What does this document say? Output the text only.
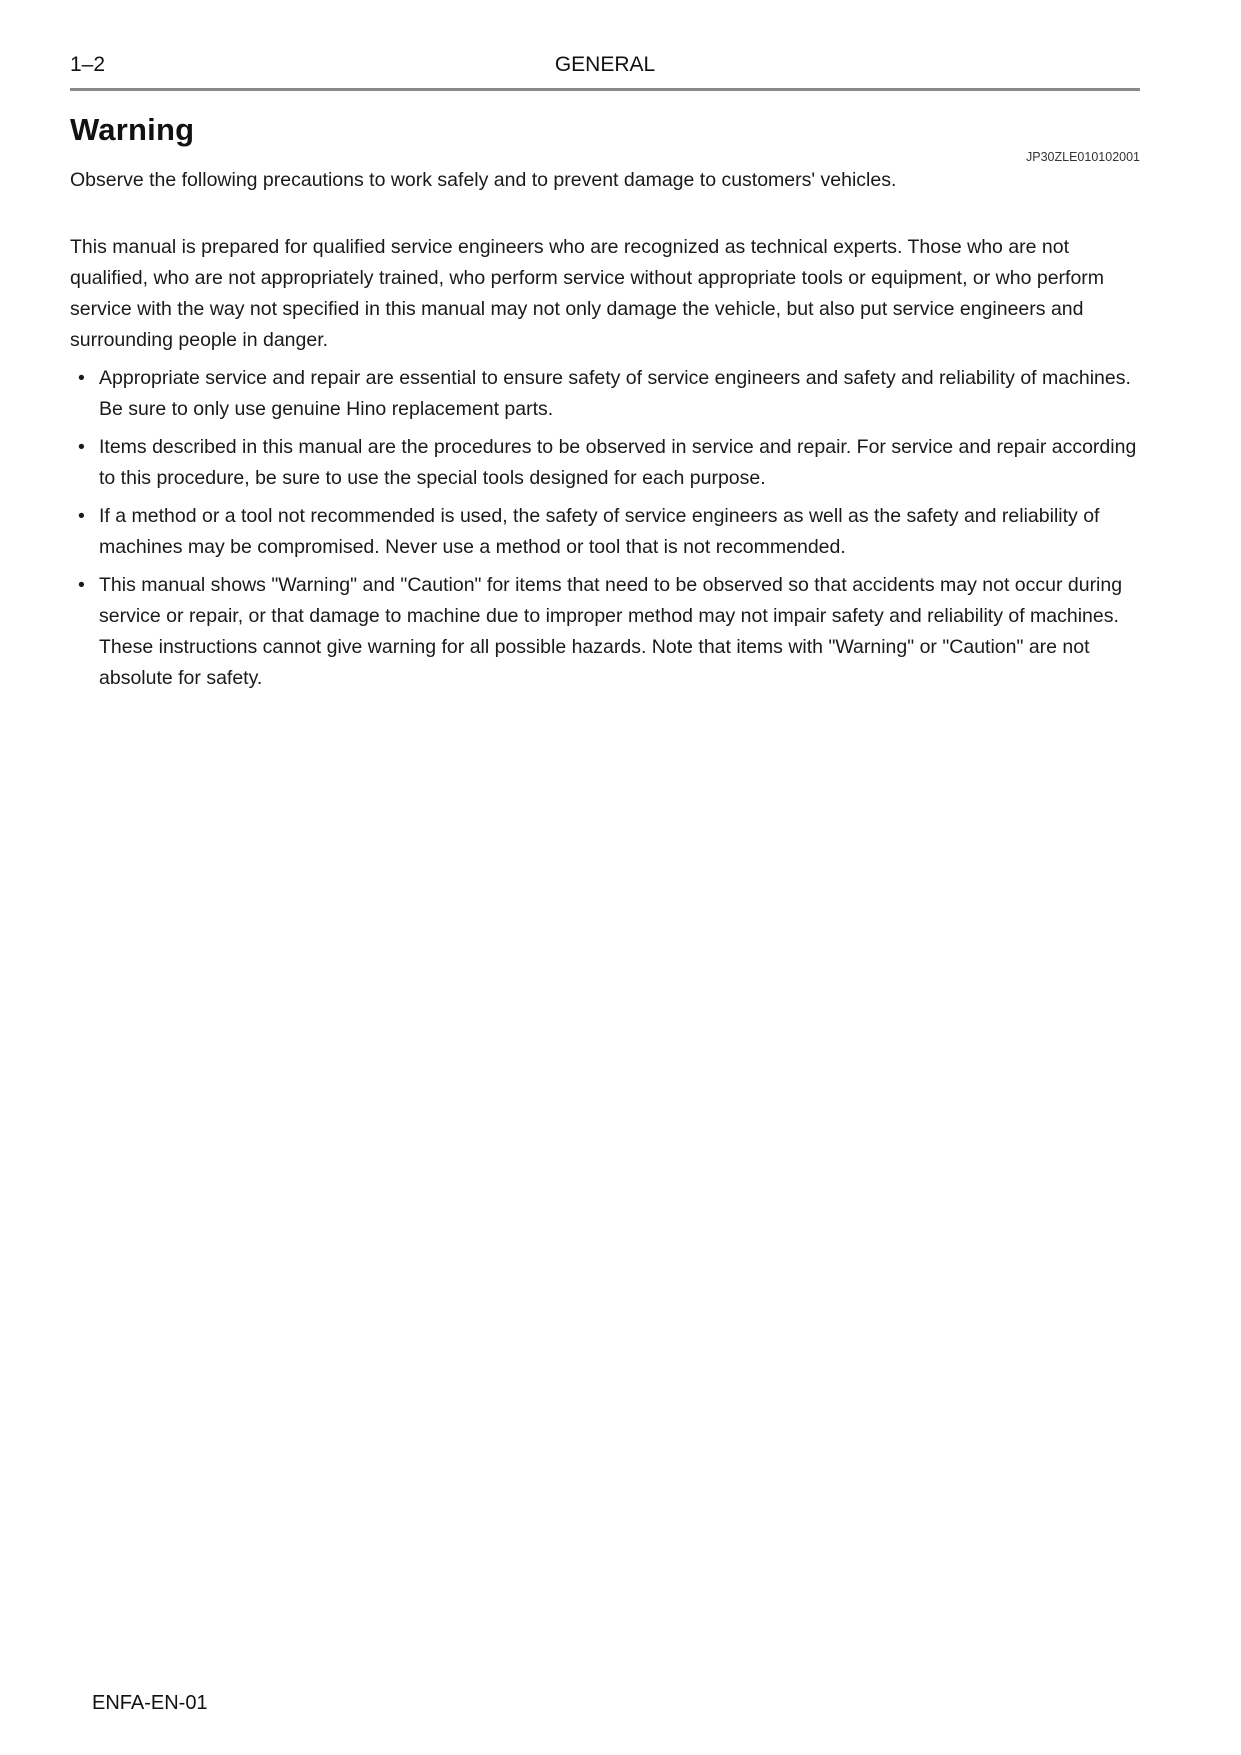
1–2	GENERAL
Warning

JP30ZLE010102001

Observe the following precautions to work safely and to prevent damage to customers' vehicles.

This manual is prepared for qualified service engineers who are recognized as technical experts. Those who are not qualified, who are not appropriately trained, who perform service without appropriate tools or equipment, or who perform service with the way not specified in this manual may not only damage the vehicle, but also put service engineers and surrounding people in danger.

• Appropriate service and repair are essential to ensure safety of service engineers and safety and reliability of machines. Be sure to only use genuine Hino replacement parts.
• Items described in this manual are the procedures to be observed in service and repair. For service and repair according to this procedure, be sure to use the special tools designed for each purpose.
• If a method or a tool not recommended is used, the safety of service engineers as well as the safety and reliability of machines may be compromised. Never use a method or tool that is not recommended.
• This manual shows "Warning" and "Caution" for items that need to be observed so that accidents may not occur during service or repair, or that damage to machine due to improper method may not impair safety and reliability of machines. These instructions cannot give warning for all possible hazards. Note that items with "Warning" or "Caution" are not absolute for safety.
ENFA-EN-01
